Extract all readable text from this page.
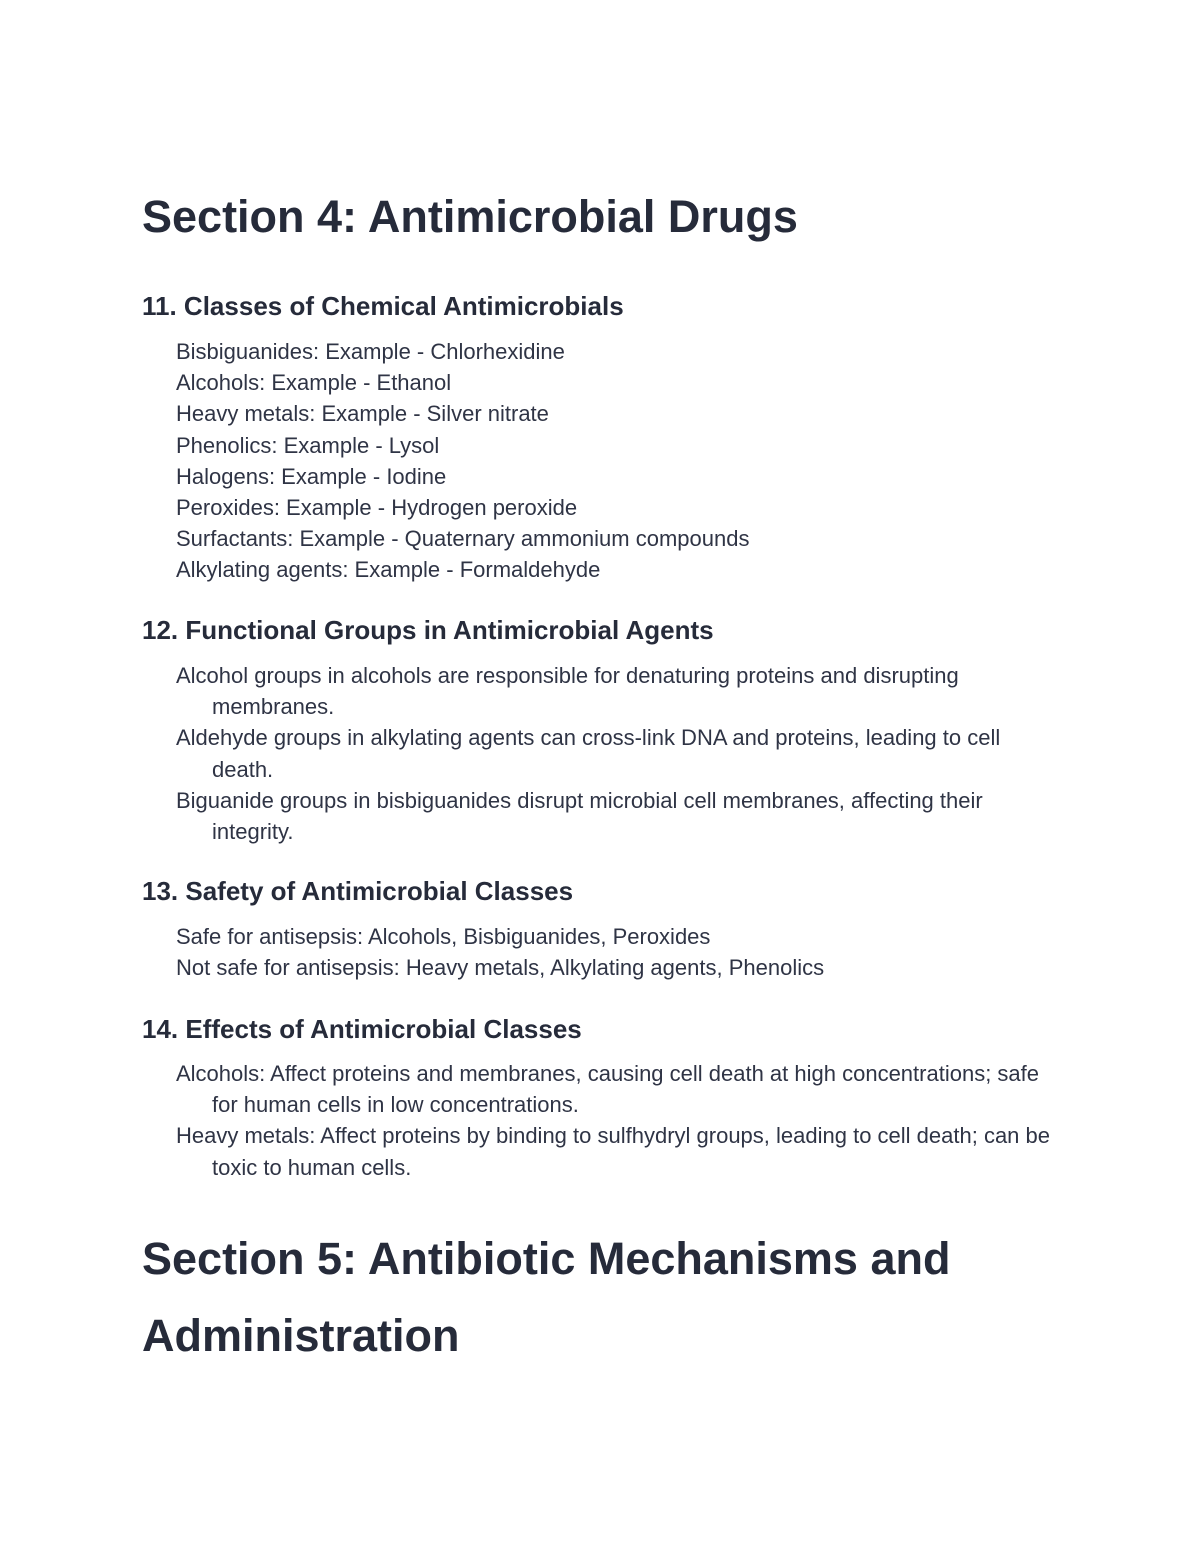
Section 4: Antimicrobial Drugs
11. Classes of Chemical Antimicrobials
Bisbiguanides: Example - Chlorhexidine
Alcohols: Example - Ethanol
Heavy metals: Example - Silver nitrate
Phenolics: Example - Lysol
Halogens: Example - Iodine
Peroxides: Example - Hydrogen peroxide
Surfactants: Example - Quaternary ammonium compounds
Alkylating agents: Example - Formaldehyde
12. Functional Groups in Antimicrobial Agents
Alcohol groups in alcohols are responsible for denaturing proteins and disrupting membranes.
Aldehyde groups in alkylating agents can cross-link DNA and proteins, leading to cell death.
Biguanide groups in bisbiguanides disrupt microbial cell membranes, affecting their integrity.
13. Safety of Antimicrobial Classes
Safe for antisepsis: Alcohols, Bisbiguanides, Peroxides
Not safe for antisepsis: Heavy metals, Alkylating agents, Phenolics
14. Effects of Antimicrobial Classes
Alcohols: Affect proteins and membranes, causing cell death at high concentrations; safe for human cells in low concentrations.
Heavy metals: Affect proteins by binding to sulfhydryl groups, leading to cell death; can be toxic to human cells.
Section 5: Antibiotic Mechanisms and Administration
